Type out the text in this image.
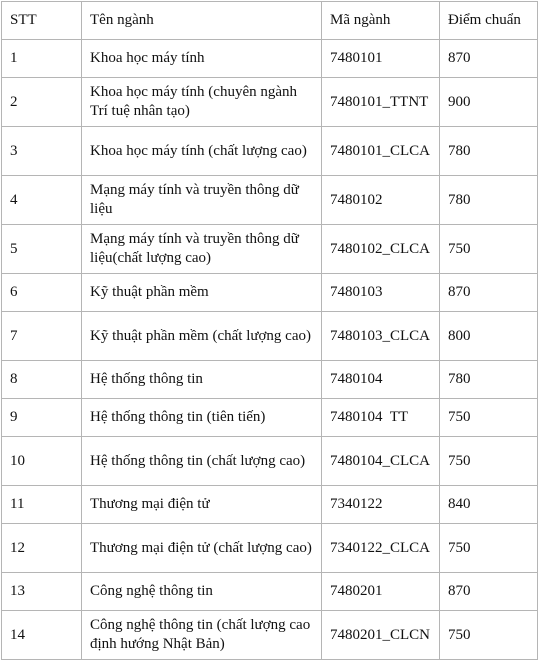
STT	Tên ngành	Mã ngành	Điểm chuẩn
1	Khoa học máy tính	7480101	870
2	Khoa học máy tính (chuyên ngành Trí tuệ nhân tạo)	7480101_TTNT	900
3	Khoa học máy tính (chất lượng cao)	7480101_CLCA	780
4	Mạng máy tính và truyền thông dữ liệu	7480102	780
5	Mạng máy tính và truyền thông dữ liệu(chất lượng cao)	7480102_CLCA	750
6	Kỹ thuật phần mềm	7480103	870
7	Kỹ thuật phần mềm (chất lượng cao)	7480103_CLCA	800
8	Hệ thống thông tin	7480104	780
9	Hệ thống thông tin (tiên tiến)	7480104  TT	750
10	Hệ thống thông tin (chất lượng cao)	7480104_CLCA	750
11	Thương mại điện tử	7340122	840
12	Thương mại điện tử (chất lượng cao)	7340122_CLCA	750
13	Công nghệ thông tin	7480201	870
14	Công nghệ thông tin (chất lượng cao định hướng Nhật Bản)	7480201_CLCN	750
